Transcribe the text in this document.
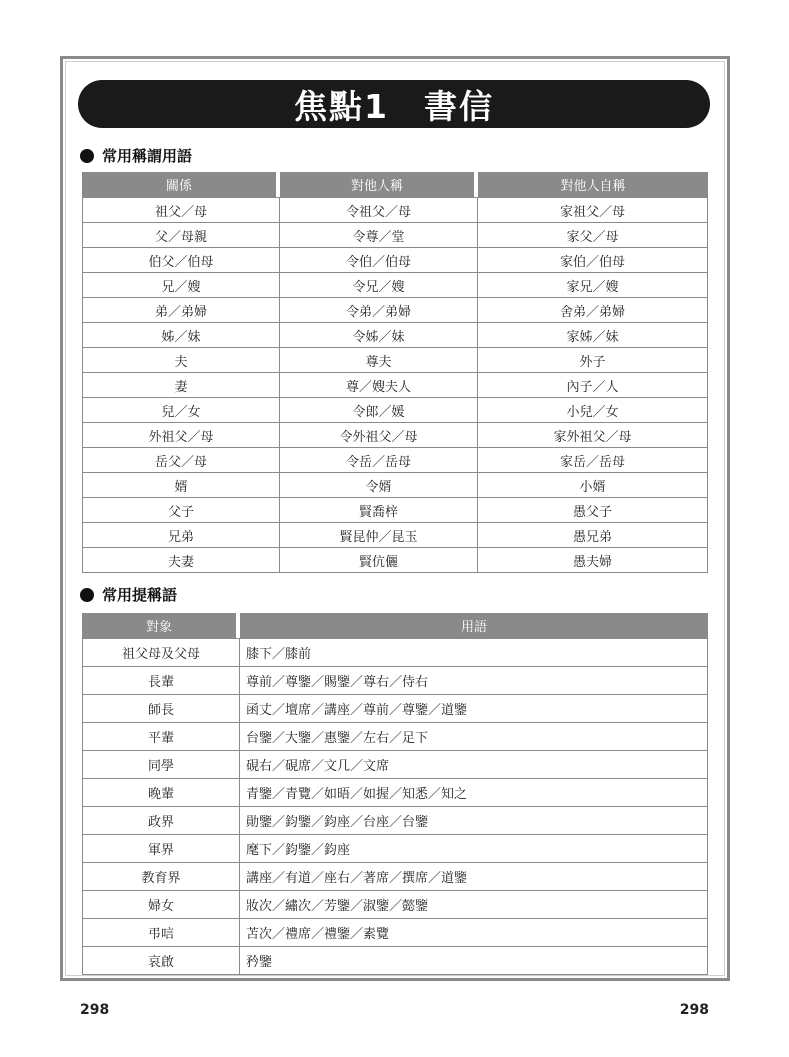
焦點1　書信
常用稱謂用語
關係	對他人稱	對他人自稱
祖父／母	令祖父／母	家祖父／母
父／母親	令尊／堂	家父／母
伯父／伯母	令伯／伯母	家伯／伯母
兄／嫂	令兄／嫂	家兄／嫂
弟／弟婦	令弟／弟婦	舍弟／弟婦
姊／妹	令姊／妹	家姊／妹
夫	尊夫	外子
妻	尊／嫂夫人	內子／人
兒／女	令郎／媛	小兒／女
外祖父／母	令外祖父／母	家外祖父／母
岳父／母	令岳／岳母	家岳／岳母
婿	令婿	小婿
父子	賢喬梓	愚父子
兄弟	賢昆仲／昆玉	愚兄弟
夫妻	賢伉儷	愚夫婦
常用提稱語
對象	用語
祖父母及父母	膝下／膝前
長輩	尊前／尊鑒／賜鑒／尊右／侍右
師長	函丈／壇席／講座／尊前／尊鑒／道鑒
平輩	台鑒／大鑒／惠鑒／左右／足下
同學	硯右／硯席／文几／文席
晚輩	青鑒／青覽／如晤／如握／知悉／知之
政界	勛鑒／鈞鑒／鈞座／台座／台鑒
軍界	麾下／鈞鑒／鈞座
教育界	講座／有道／座右／著席／撰席／道鑒
婦女	妝次／繡次／芳鑒／淑鑒／懿鑒
弔唁	苫次／禮席／禮鑒／素覽
哀啟	矜鑒
298	298
